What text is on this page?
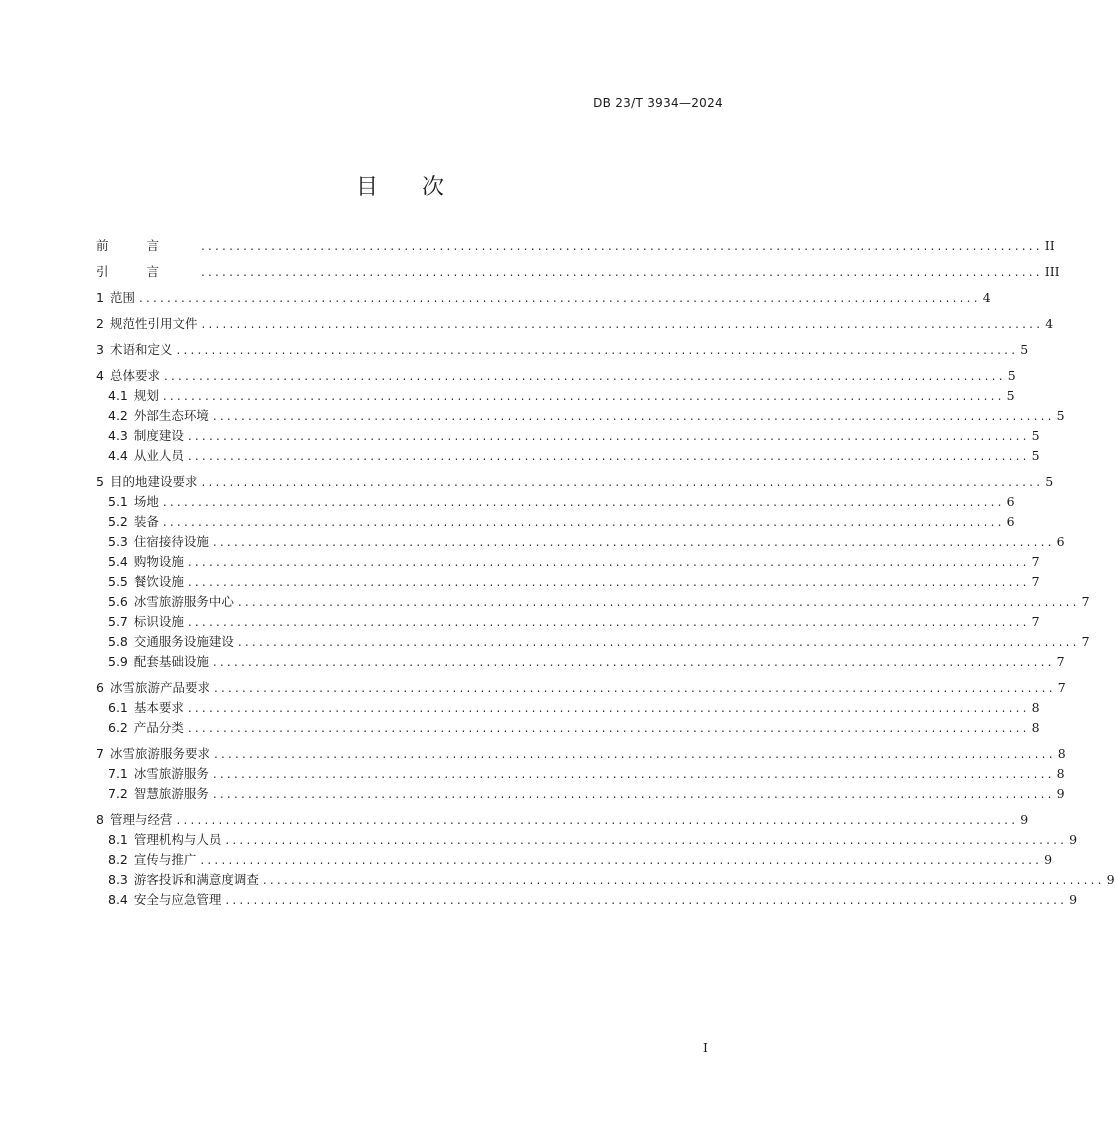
DB 23/T 3934—2024
目 次
前言 ........................................................................................................................ II
引言 ........................................................................................................................ III
1 范围 ........................................................................................................................ 4
2 规范性引用文件 ........................................................................................................................ 4
3 术语和定义 ........................................................................................................................ 5
4 总体要求 ........................................................................................................................ 5
4.1 规划 ........................................................................................................................ 5
4.2 外部生态环境 ........................................................................................................................ 5
4.3 制度建设 ........................................................................................................................ 5
4.4 从业人员 ........................................................................................................................ 5
5 目的地建设要求 ........................................................................................................................ 5
5.1 场地 ........................................................................................................................ 6
5.2 装备 ........................................................................................................................ 6
5.3 住宿接待设施 ........................................................................................................................ 6
5.4 购物设施 ........................................................................................................................ 7
5.5 餐饮设施 ........................................................................................................................ 7
5.6 冰雪旅游服务中心 ........................................................................................................................ 7
5.7 标识设施 ........................................................................................................................ 7
5.8 交通服务设施建设 ........................................................................................................................ 7
5.9 配套基础设施 ........................................................................................................................ 7
6 冰雪旅游产品要求 ........................................................................................................................ 7
6.1 基本要求 ........................................................................................................................ 8
6.2 产品分类 ........................................................................................................................ 8
7 冰雪旅游服务要求 ........................................................................................................................ 8
7.1 冰雪旅游服务 ........................................................................................................................ 8
7.2 智慧旅游服务 ........................................................................................................................ 9
8 管理与经营 ........................................................................................................................ 9
8.1 管理机构与人员 ........................................................................................................................ 9
8.2 宣传与推广 ........................................................................................................................ 9
8.3 游客投诉和满意度调查 ........................................................................................................................ 9
8.4 安全与应急管理 ........................................................................................................................ 9
I
